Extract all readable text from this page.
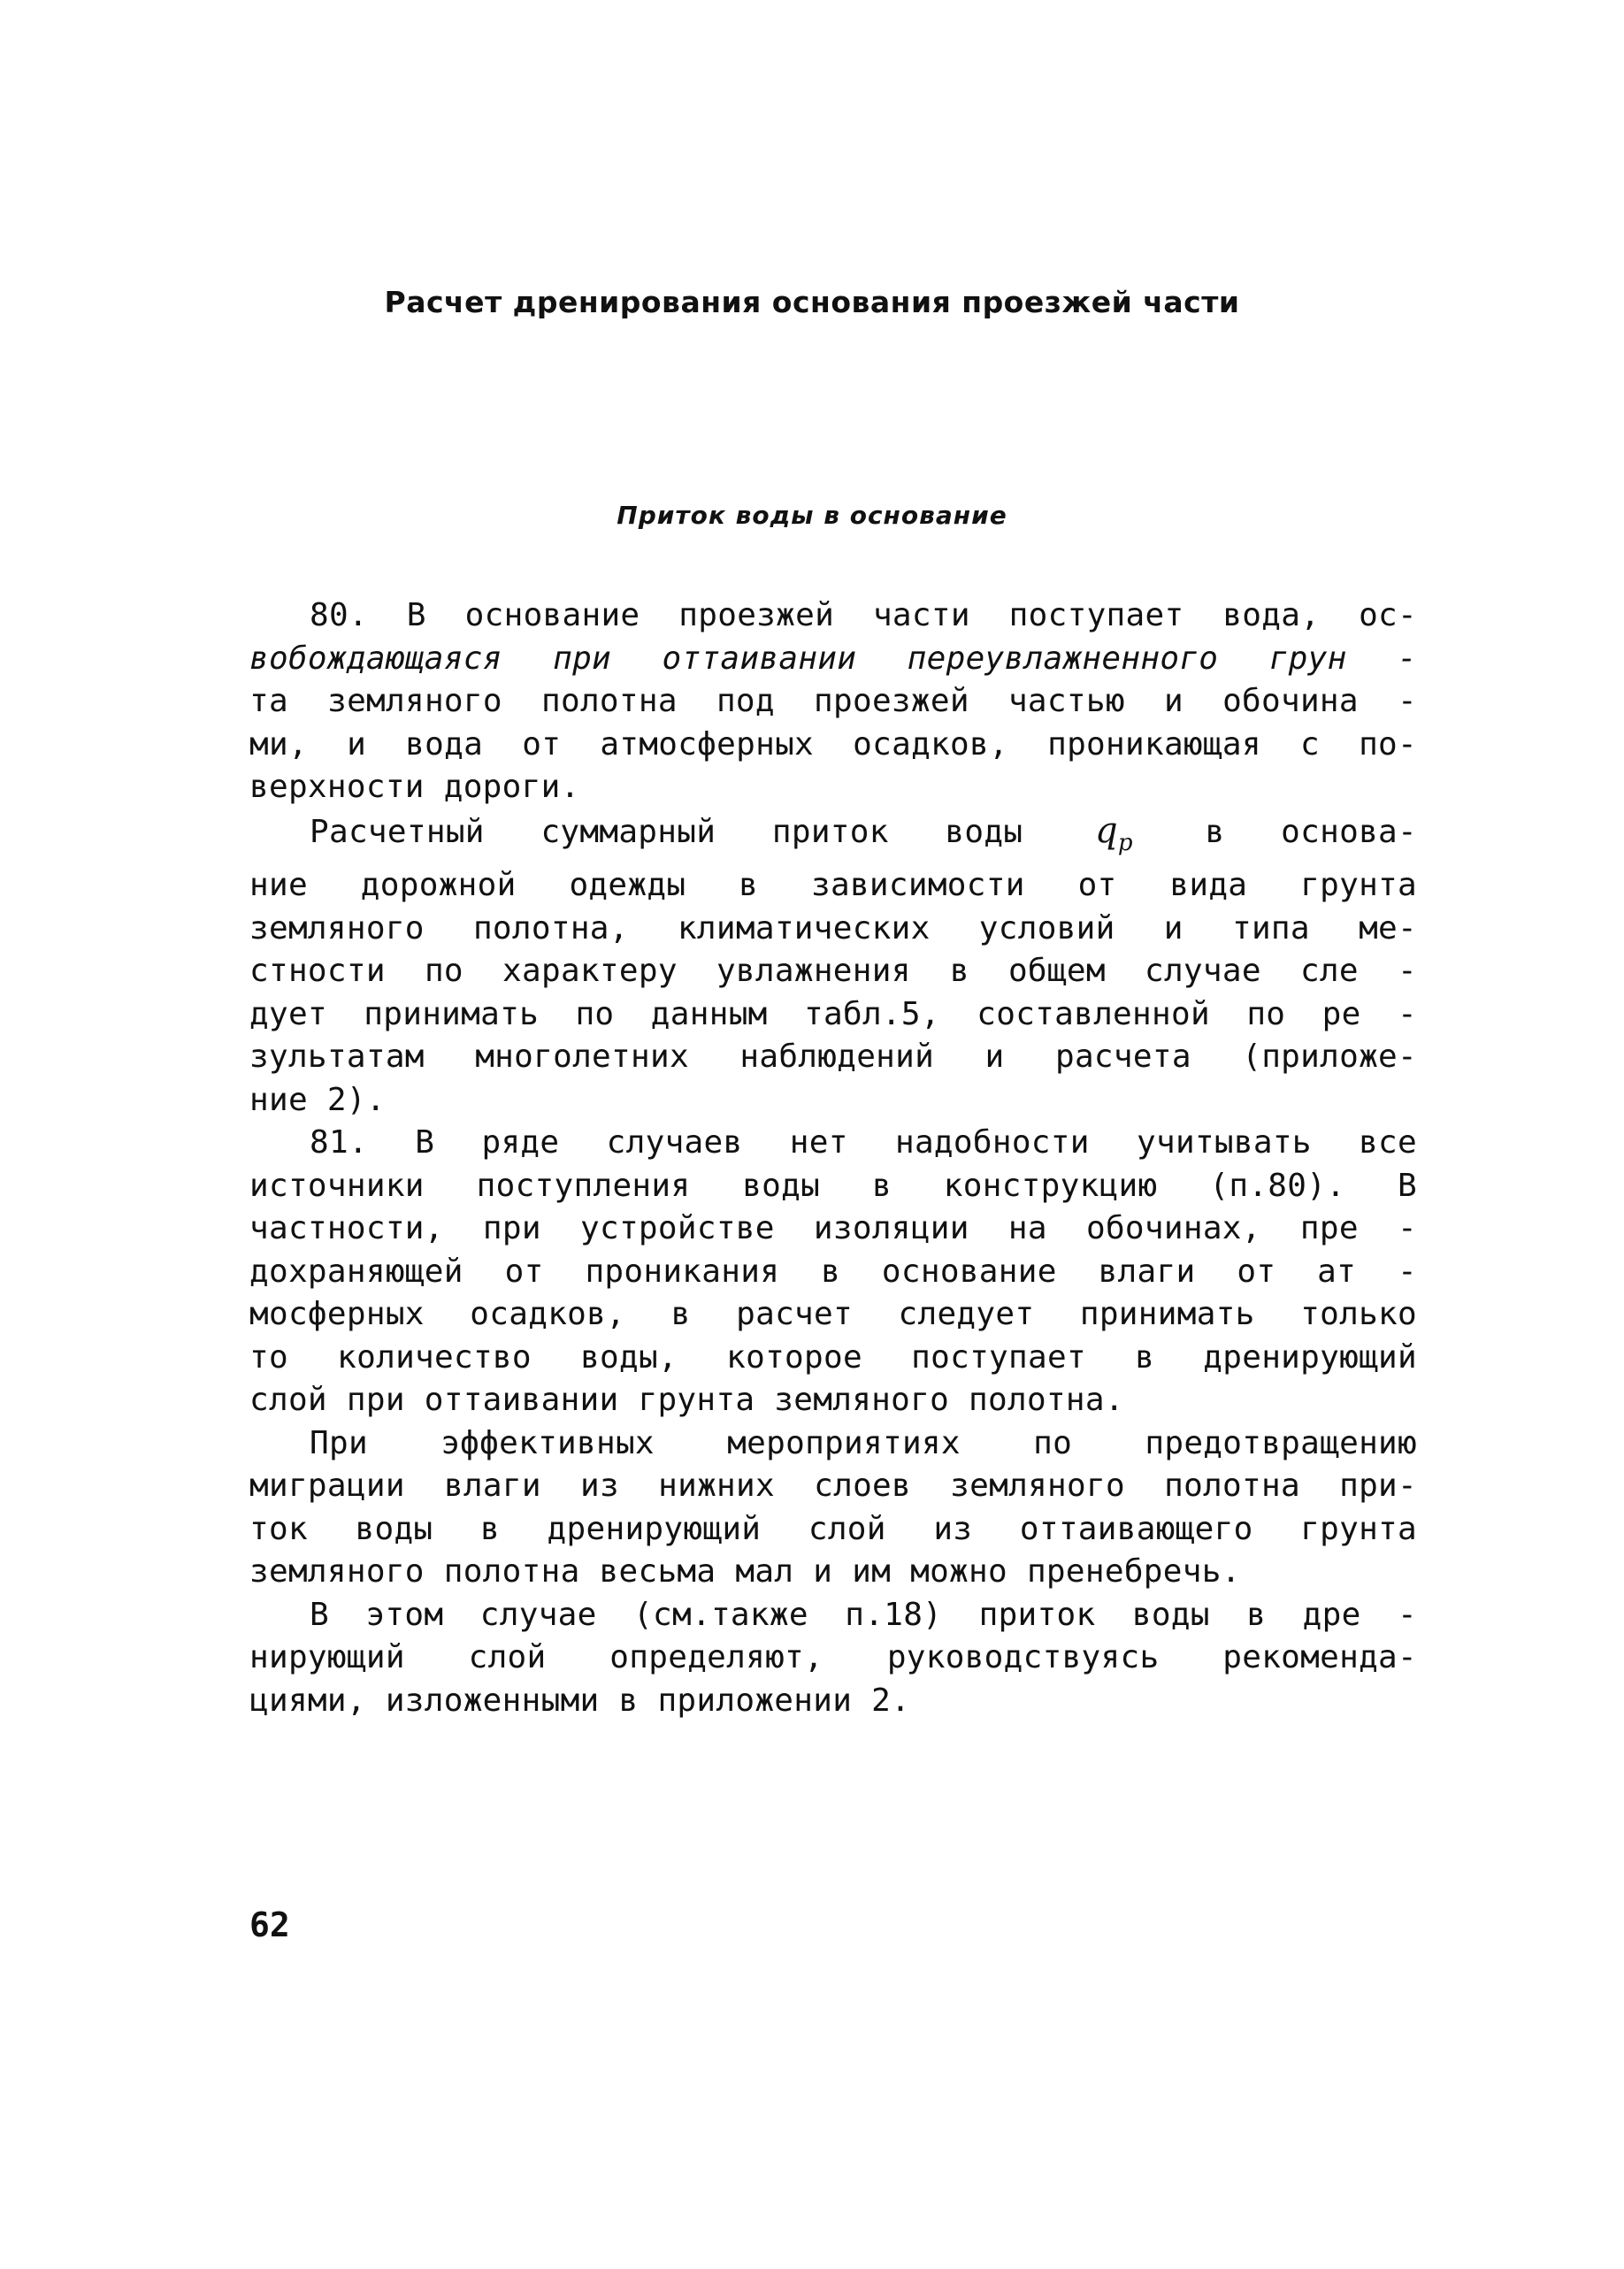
Расчет дренирования основания проезжей части
Приток воды в основание
80. В основание проезжей части поступает вода, ос-
вобождающаяся при оттаивании переувлажненного грун -
та земляного полотна под проезжей частью и обочина -
ми, и вода от атмосферных осадков, проникающая с по-
верхности дороги.
Расчетный суммарный приток воды $q_p$ в основа-
ние дорожной одежды в зависимости от вида грунта
земляного полотна, климатических условий и типа ме-
стности по характеру увлажнения в общем случае сле -
дует принимать по данным табл.5, составленной по ре -
зультатам многолетних наблюдений и расчета (приложе-
ние 2).
81. В ряде случаев нет надобности учитывать все
источники поступления воды в конструкцию (п.80). В
частности, при устройстве изоляции на обочинах, пре -
дохраняющей от проникания в основание влаги от ат -
мосферных осадков, в расчет следует принимать только
то количество воды, которое поступает в дренирующий
слой при оттаивании грунта земляного полотна.
При эффективных мероприятиях по предотвращению
миграции влаги из нижних слоев земляного полотна при-
ток воды в дренирующий слой из оттаивающего грунта
земляного полотна весьма мал и им можно пренебречь.
В этом случае (см.также п.18) приток воды в дре -
нирующий слой определяют, руководствуясь рекоменда-
циями, изложенными в приложении 2.
62
